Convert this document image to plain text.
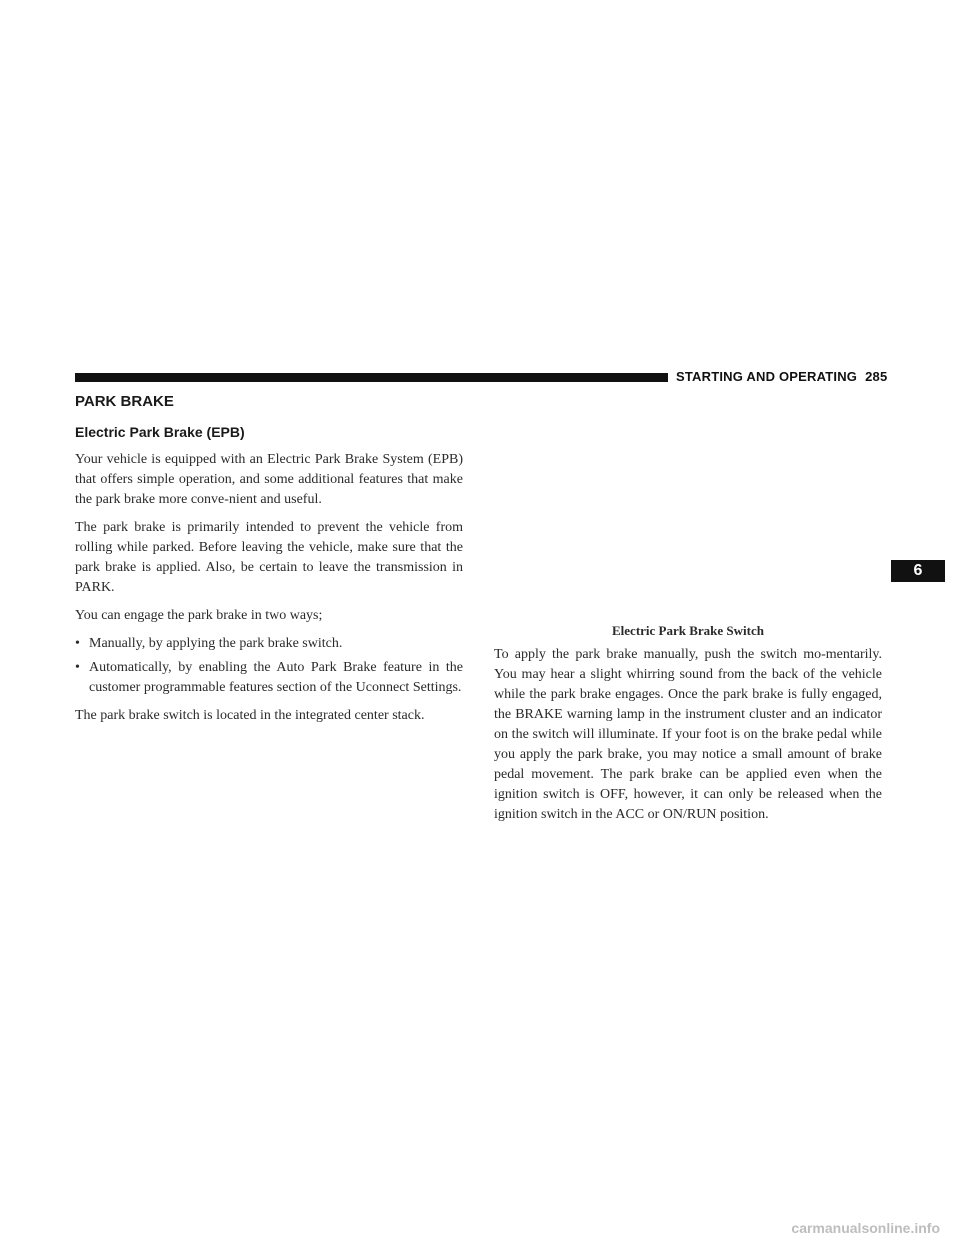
STARTING AND OPERATING 285
PARK BRAKE
Electric Park Brake (EPB)

Your vehicle is equipped with an Electric Park Brake System (EPB) that offers simple operation, and some additional features that make the park brake more conve-nient and useful.

The park brake is primarily intended to prevent the vehicle from rolling while parked. Before leaving the vehicle, make sure that the park brake is applied. Also, be certain to leave the transmission in PARK.

You can engage the park brake in two ways;

• Manually, by applying the park brake switch.
• Automatically, by enabling the Auto Park Brake feature in the customer programmable features section of the Uconnect Settings.

The park brake switch is located in the integrated center stack.

Electric Park Brake Switch

To apply the park brake manually, push the switch mo-mentarily. You may hear a slight whirring sound from the back of the vehicle while the park brake engages. Once the park brake is fully engaged, the BRAKE warning lamp in the instrument cluster and an indicator on the switch will illuminate. If your foot is on the brake pedal while you apply the park brake, you may notice a small amount of brake pedal movement. The park brake can be applied even when the ignition switch is OFF, however, it can only be released when the ignition switch in the ACC or ON/RUN position.

6
carmanualsonline.info
